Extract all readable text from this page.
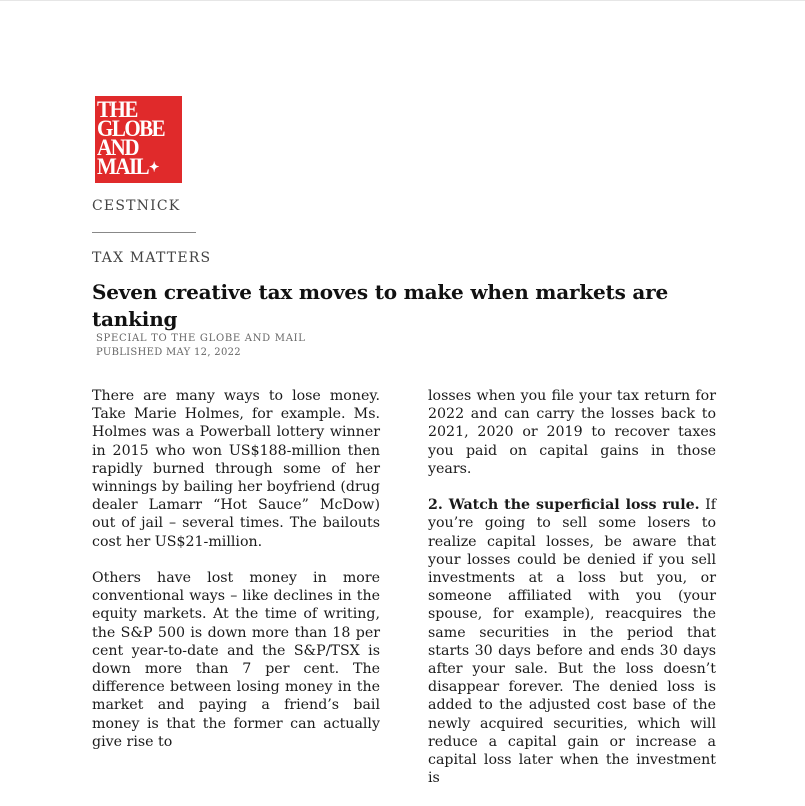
THE
GLOBE
AND
MAIL✦
CESTNICK
TAX MATTERS
Seven creative tax moves to make when markets are tanking
SPECIAL TO THE GLOBE AND MAIL
PUBLISHED MAY 12, 2022

There are many ways to lose money. Take Marie Holmes, for example. Ms. Holmes was a Powerball lottery winner in 2015 who won US$188-million then rapidly burned through some of her winnings by bailing her boyfriend (drug dealer Lamarr “Hot Sauce” McDow) out of jail – several times. The bailouts cost her US$21-million.

Others have lost money in more conventional ways – like declines in the equity markets. At the time of writing, the S&P 500 is down more than 18 per cent year-to-date and the S&P/TSX is down more than 7 per cent. The difference between losing money in the market and paying a friend’s bail money is that the former can actually give rise to

losses when you file your tax return for 2022 and can carry the losses back to 2021, 2020 or 2019 to recover taxes you paid on capital gains in those years.

2. Watch the superficial loss rule. If you’re going to sell some losers to realize capital losses, be aware that your losses could be denied if you sell investments at a loss but you, or someone affiliated with you (your spouse, for example), reacquires the same securities in the period that starts 30 days before and ends 30 days after your sale. But the loss doesn’t disappear forever. The denied loss is added to the adjusted cost base of the newly acquired securities, which will reduce a capital gain or increase a capital loss later when the investment is
